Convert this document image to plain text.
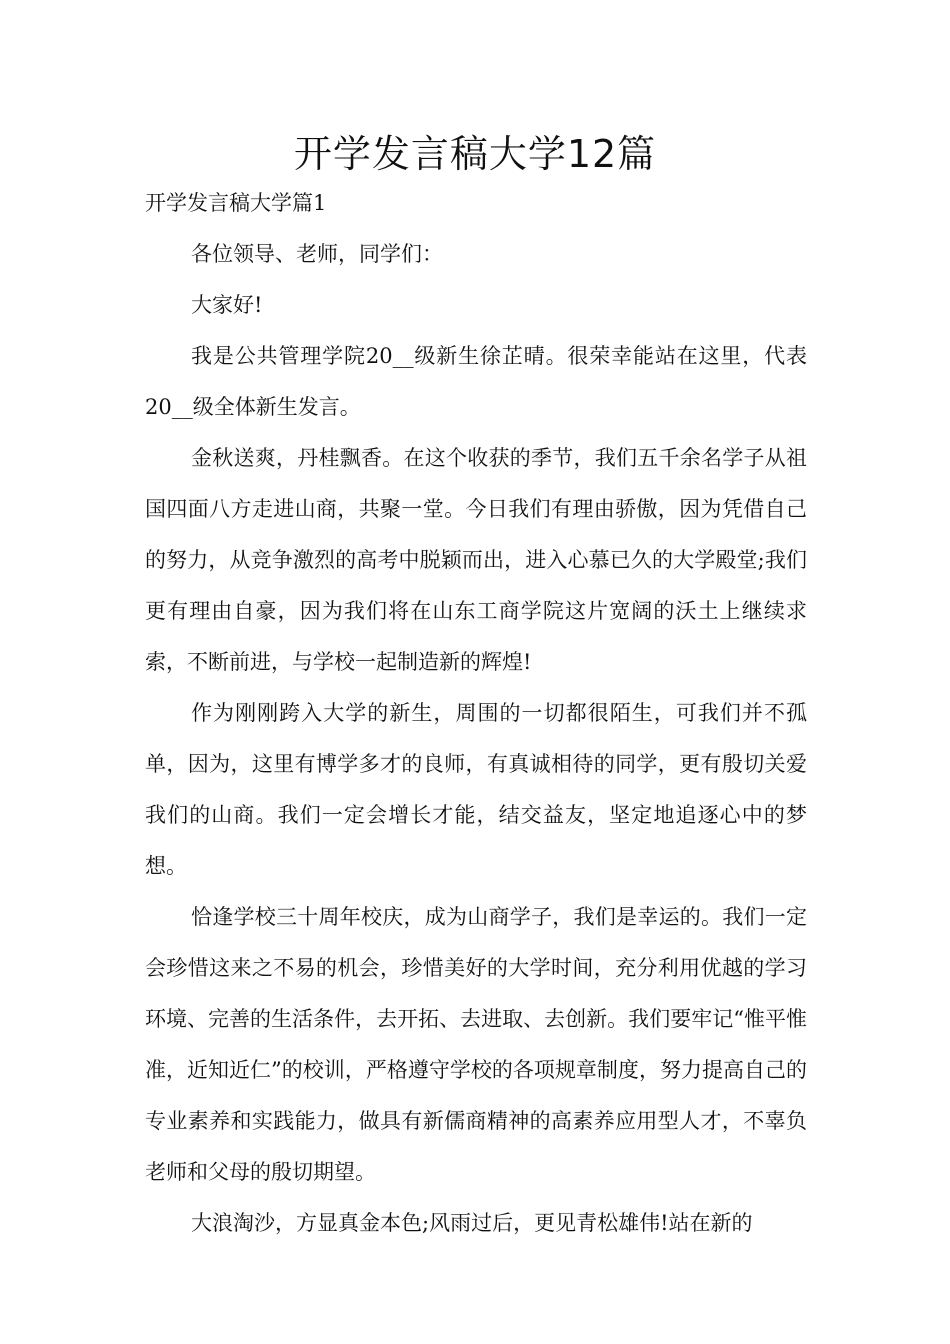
开学发言稿大学12篇

开学发言稿大学篇1

各位领导、老师，同学们：

大家好!

我是公共管理学院20__级新生徐芷晴。很荣幸能站在这里，代表20__级全体新生发言。

金秋送爽，丹桂飘香。在这个收获的季节，我们五千余名学子从祖国四面八方走进山商，共聚一堂。今日我们有理由骄傲，因为凭借自己的努力，从竞争激烈的高考中脱颖而出，进入心慕已久的大学殿堂;我们更有理由自豪，因为我们将在山东工商学院这片宽阔的沃土上继续求索，不断前进，与学校一起制造新的辉煌!

作为刚刚跨入大学的新生，周围的一切都很陌生，可我们并不孤单，因为，这里有博学多才的良师，有真诚相待的同学，更有殷切关爱我们的山商。我们一定会增长才能，结交益友，坚定地追逐心中的梦想。

恰逢学校三十周年校庆，成为山商学子，我们是幸运的。我们一定会珍惜这来之不易的机会，珍惜美好的大学时间，充分利用优越的学习环境、完善的生活条件，去开拓、去进取、去创新。我们要牢记“惟平惟准，近知近仁”的校训，严格遵守学校的各项规章制度，努力提高自己的专业素养和实践能力，做具有新儒商精神的高素养应用型人才，不辜负老师和父母的殷切期望。

大浪淘沙，方显真金本色;风雨过后，更见青松雄伟!站在新的
